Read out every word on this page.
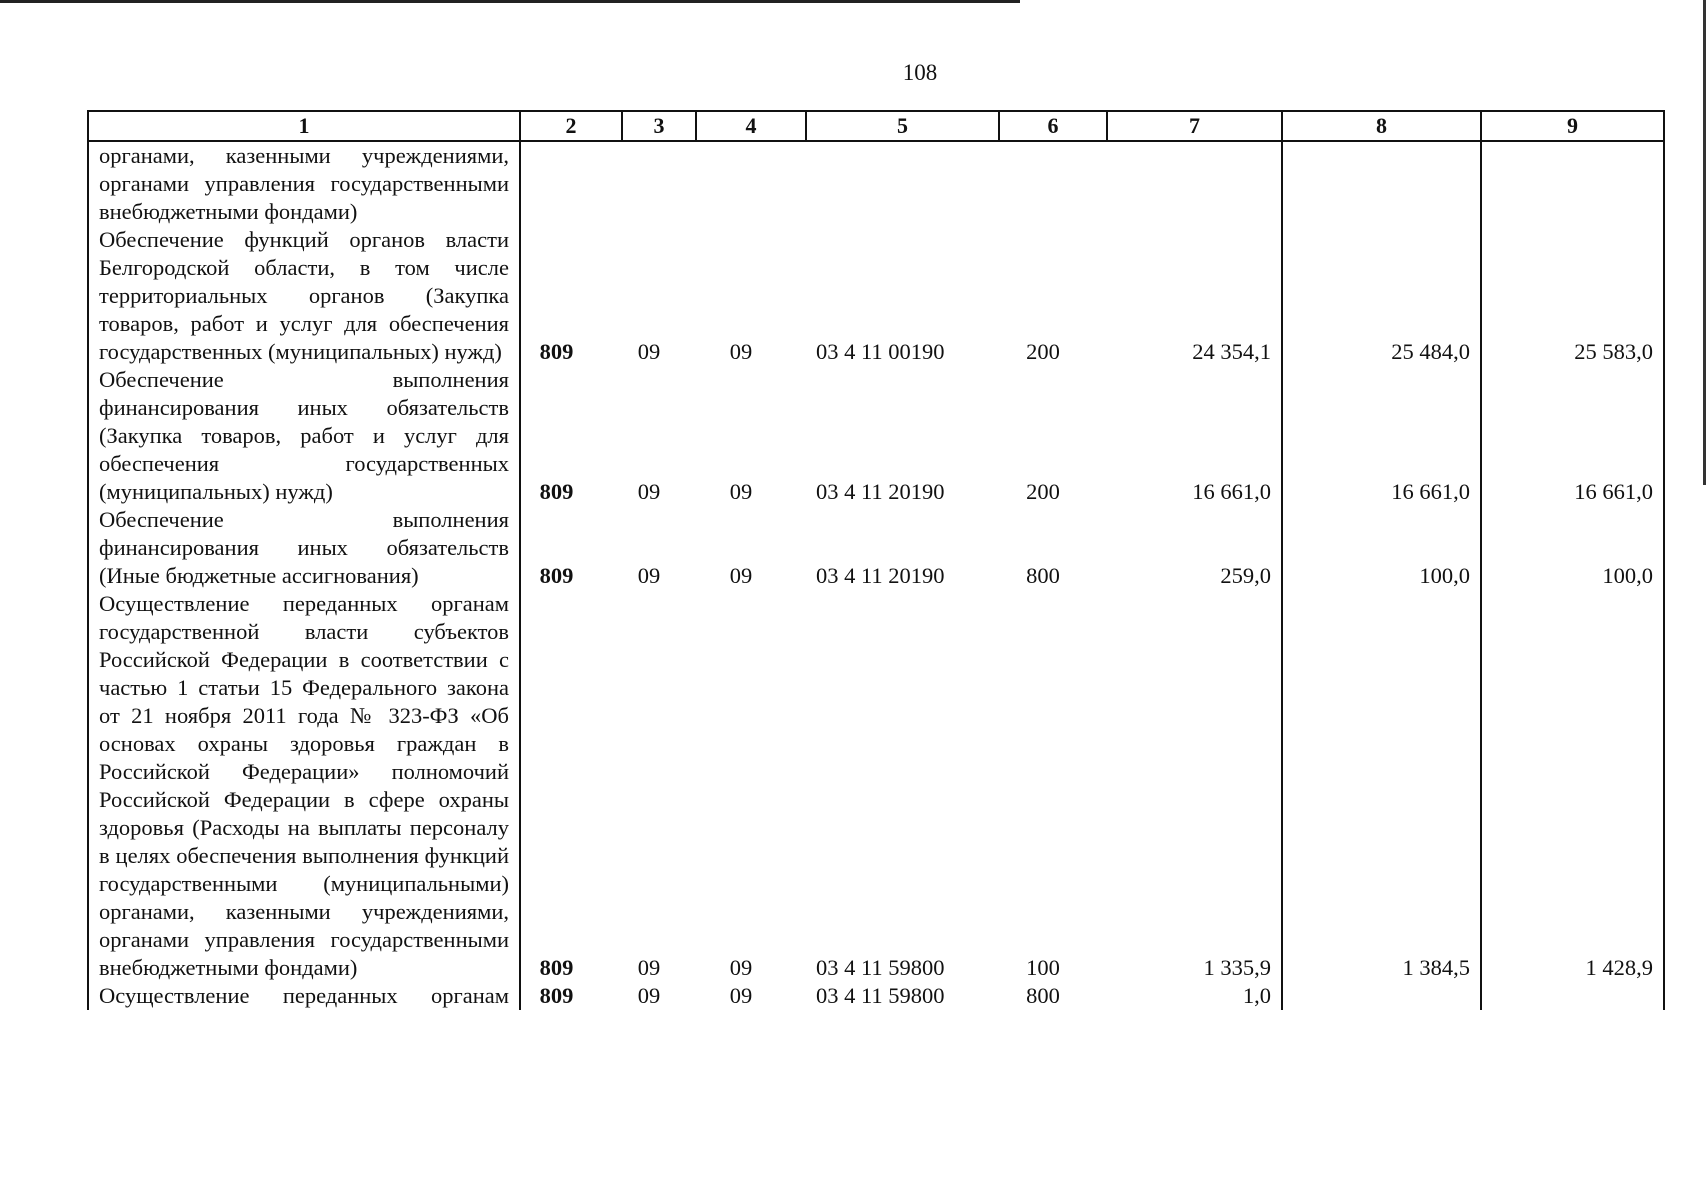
108
1	2	3	4	5	6	7	8	9
органами, казенными учреждениями, органами управления государственными внебюджетными фондами)								
Обеспечение функций органов власти Белгородской области, в том числе территориальных органов (Закупка товаров, работ и услуг для обеспечения государственных (муниципальных) нужд)	809	09	09	03 4 11 00190	200	24 354,1	25 484,0	25 583,0
Обеспечение выполнения финансирования иных обязательств (Закупка товаров, работ и услуг для обеспечения государственных (муниципальных) нужд)	809	09	09	03 4 11 20190	200	16 661,0	16 661,0	16 661,0
Обеспечение выполнения финансирования иных обязательств (Иные бюджетные ассигнования)	809	09	09	03 4 11 20190	800	259,0	100,0	100,0
Осуществление переданных органам государственной власти субъектов Российской Федерации в соответствии с частью 1 статьи 15 Федерального закона от 21 ноября 2011 года № 323-ФЗ «Об основах охраны здоровья граждан в Российской Федерации» полномочий Российской Федерации в сфере охраны здоровья (Расходы на выплаты персоналу в целях обеспечения выполнения функций государственными (муниципальными) органами, казенными учреждениями, органами управления государственными внебюджетными фондами)	809	09	09	03 4 11 59800	100	1 335,9	1 384,5	1 428,9
Осуществление переданных органам	809	09	09	03 4 11 59800	800	1,0		
